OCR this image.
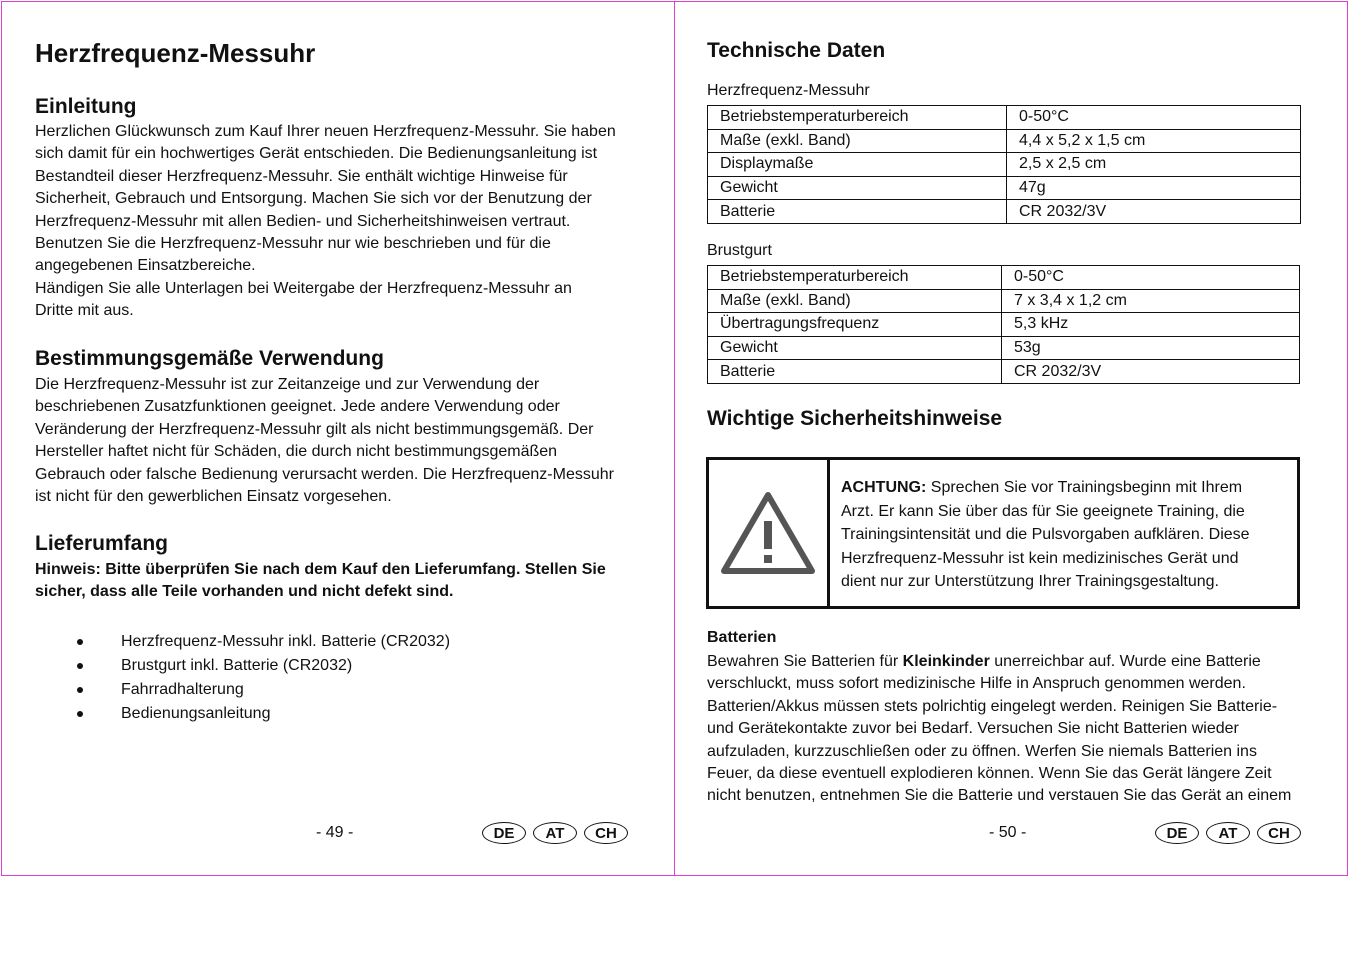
Herzfrequenz-Messuhr
Einleitung
Herzlichen Glückwunsch zum Kauf Ihrer neuen Herzfrequenz-Messuhr. Sie haben
sich damit für ein hochwertiges Gerät entschieden. Die Bedienungsanleitung ist
Bestandteil dieser Herzfrequenz-Messuhr. Sie enthält wichtige Hinweise für
Sicherheit, Gebrauch und Entsorgung. Machen Sie sich vor der Benutzung der
Herzfrequenz-Messuhr mit allen Bedien- und Sicherheitshinweisen vertraut.
Benutzen Sie die Herzfrequenz-Messuhr nur wie beschrieben und für die
angegebenen Einsatzbereiche.
Händigen Sie alle Unterlagen bei Weitergabe der Herzfrequenz-Messuhr an
Dritte mit aus.
Bestimmungsgemäße Verwendung
Die Herzfrequenz-Messuhr ist zur Zeitanzeige und zur Verwendung der
beschriebenen Zusatzfunktionen geeignet. Jede andere Verwendung oder
Veränderung der Herzfrequenz-Messuhr gilt als nicht bestimmungsgemäß. Der
Hersteller haftet nicht für Schäden, die durch nicht bestimmungsgemäßen
Gebrauch oder falsche Bedienung verursacht werden. Die Herzfrequenz-Messuhr
ist nicht für den gewerblichen Einsatz vorgesehen.
Lieferumfang
Hinweis: Bitte überprüfen Sie nach dem Kauf den Lieferumfang. Stellen Sie
sicher, dass alle Teile vorhanden und nicht defekt sind.
Herzfrequenz-Messuhr inkl. Batterie (CR2032)
Brustgurt inkl. Batterie (CR2032)
Fahrradhalterung
Bedienungsanleitung
- 49 -	DE	AT	CH
Technische Daten
Herzfrequenz-Messuhr
Betriebstemperaturbereich	0-50°C
Maße (exkl. Band)	4,4 x 5,2 x 1,5 cm
Displaymaße	2,5 x 2,5 cm
Gewicht	47g
Batterie	CR 2032/3V
Brustgurt
Betriebstemperaturbereich	0-50°C
Maße (exkl. Band)	7 x 3,4 x 1,2 cm
Übertragungsfrequenz	5,3 kHz
Gewicht	53g
Batterie	CR 2032/3V
Wichtige Sicherheitshinweise
ACHTUNG: Sprechen Sie vor Trainingsbeginn mit Ihrem
Arzt. Er kann Sie über das für Sie geeignete Training, die
Trainingsintensität und die Pulsvorgaben aufklären. Diese
Herzfrequenz-Messuhr ist kein medizinisches Gerät und
dient nur zur Unterstützung Ihrer Trainingsgestaltung.
Batterien
Bewahren Sie Batterien für Kleinkinder unerreichbar auf. Wurde eine Batterie
verschluckt, muss sofort medizinische Hilfe in Anspruch genommen werden.
Batterien/Akkus müssen stets polrichtig eingelegt werden. Reinigen Sie Batterie-
und Gerätekontakte zuvor bei Bedarf. Versuchen Sie nicht Batterien wieder
aufzuladen, kurzzuschließen oder zu öffnen. Werfen Sie niemals Batterien ins
Feuer, da diese eventuell explodieren können. Wenn Sie das Gerät längere Zeit
nicht benutzen, entnehmen Sie die Batterie und verstauen Sie das Gerät an einem
- 50 -	DE	AT	CH
